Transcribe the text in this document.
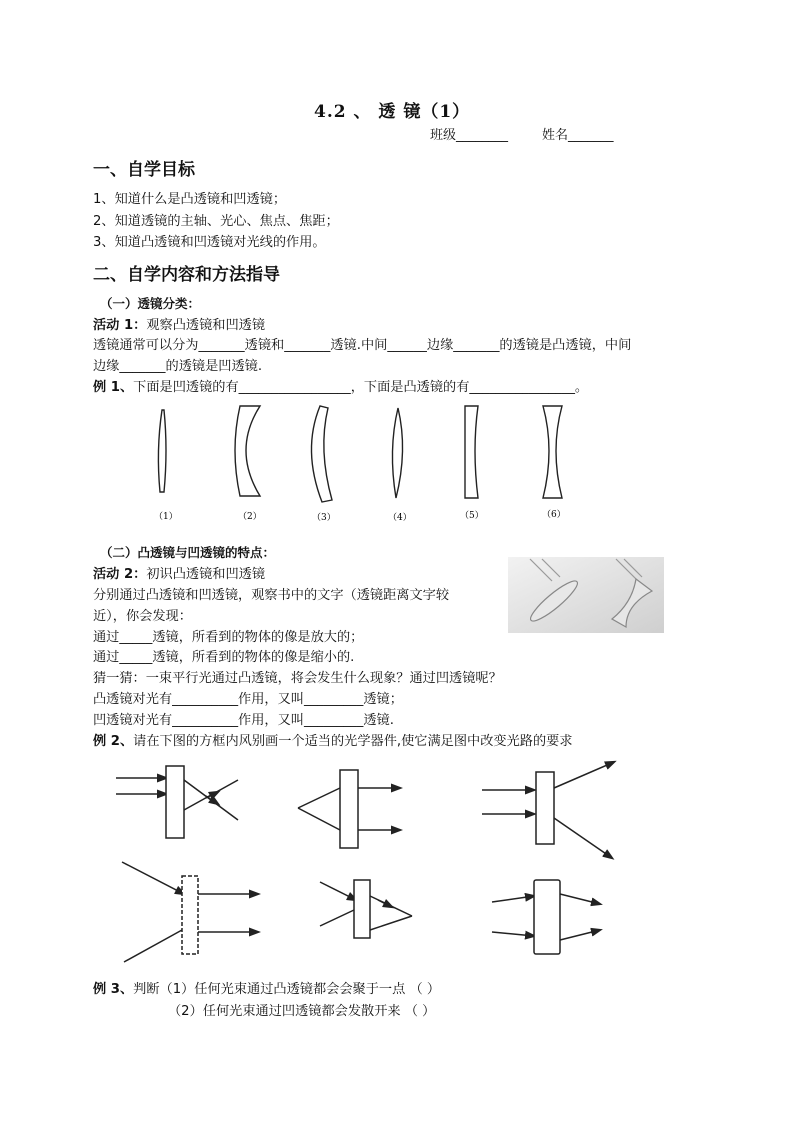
4.2 、 透 镜（1）
班级________	姓名_______
一、自学目标
1、知道什么是凸透镜和凹透镜；
2、知道透镜的主轴、光心、焦点、焦距；
3、知道凸透镜和凹透镜对光线的作用。
二、自学内容和方法指导
（一）透镜分类：
活动 1：观察凸透镜和凹透镜
透镜通常可以分为_______透镜和_______透镜.中间______边缘_______的透镜是凸透镜，中间
边缘_______的透镜是凹透镜.
例 1、下面是凹透镜的有_________________，下面是凸透镜的有________________。
（1）	（2）	（3）	（4）	（5）	（6）
（二）凸透镜与凹透镜的特点：
活动 2：初识凸透镜和凹透镜
分别通过凸透镜和凹透镜，观察书中的文字（透镜距离文字较
近），你会发现：
通过_____透镜，所看到的物体的像是放大的；
通过_____透镜，所看到的物体的像是缩小的.
猜一猜：一束平行光通过凸透镜，将会发生什么现象？通过凹透镜呢？
凸透镜对光有__________作用，又叫_________透镜；
凹透镜对光有__________作用，又叫_________透镜.
例 2、请在下图的方框内风别画一个适当的光学器件,使它满足图中改变光路的要求
例 3、判断（1）任何光束通过凸透镜都会会聚于一点 （ ）
（2）任何光束通过凹透镜都会发散开来 （ ）
